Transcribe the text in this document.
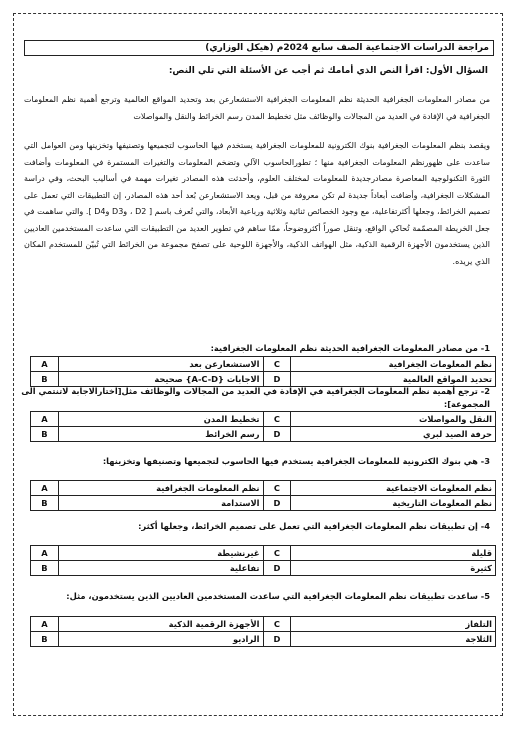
مراجعة الدراسات الاجتماعية الصف سابع 2024م (هيكل الوزاري)
السؤال الأول: اقرأ النص الذي أمامك ثم أجب عن الأسئلة التي تلي النص:
من مصادر المعلومات الجغرافية الحديثة نظم المعلومات الجغرافية الاستشعارعن بعد وتحديد المواقع العالمية وترجع أهمية نظم المعلومات الجغرافية في الإفادة في العديد من المجالات والوظائف مثل تخطيط المدن رسم الخرائط والنقل والمواصلات
ويقصد بنظم المعلومات الجغرافية بنوك الكترونية للمعلومات الجغرافية يستخدم فيها الحاسوب لتجميعها وتصنيفها وتخزينها ومن العوامل التي ساعدت على ظهورنظم المعلومات الجغرافية منها ؛ تطورالحاسوب الآلي وتضخم المعلومات والتغيرات المستمرة في المعلومات وأضافت الثورة التكنولوجية المعاصرة مصادرجديدة للمعلومات لمختلف العلوم، وأحدثت هذه المصادر تغيرات مهمة في أساليب البحث، وفي دراسة المشكلات الجغرافية، وأضافت أبعاداً جديدة لم تكن معروفة من قبل، ويعد الاستشعارعن بُعد أحد هذه المصادر، إن التطبيقات التي تعمل على تصميم الخرائط، وجعلها أكثرتفاعلية، مع وجود الخصائص ثنائية وثلاثية ورباعية الأبعاد، والتي تُعرف باسم [ D2 ، وD3 وD4 ]. والتي ساهمت في جعل الخريطة المصمّمة تُحاكي الواقع، وتنقل صوراً أكثروضوحاً، ممّا ساهم في تطوير العديد من التطبيقات التي ساعدت المستخدمين العاديين الذين يستخدمون الأجهزة الرقمية الذكية، مثل الهواتف الذكية، والأجهزة اللوحية على تصفح مجموعة من الخرائط التي تُبيّن للمستخدم المكان الذي يريده.
1- من مصادر المعلومات الجغرافية الحديثة نظم المعلومات الجغرافية:
نظم المعلومات الجغرافية	C	الاستشعارعن بعد	A
تحديد المواقع العالمية	D	الاجابات {A-C-D} صحيحة	B
2- ترجع أهمية نظم المعلومات الجغرافية في الإفادة في العديد من المجالات والوظائف مثل[اختارالاجابة لاتنتمي الى المجموعة]:
النقل والمواصلات	C	تخطيط المدن	A
حرفة الصيد لبري	D	رسم الخرائط	B
3- هي بنوك الكترونية للمعلومات الجغرافية يستخدم فيها الحاسوب لتجميعها وتصنيفها وتخزينها:
نظم المعلومات الاجتماعية	C	نظم المعلومات الجغرافية	A
نظم المعلومات التاريخية	D	الاستدامة	B
4- إن تطبيقات نظم المعلومات الجغرافية التي تعمل على تصميم الخرائط، وجعلها أكثر:
قليلة	C	غيرنشيطة	A
كثيرة	D	تفاعلية	B
5- ساعدت تطبيقات نظم المعلومات الجغرافية التي ساعدت المستخدمين العاديين الذين يستخدمون، مثل:
التلفاز	C	الأجهزة الرقمية الذكية	A
الثلاجة	D	الراديو	B
